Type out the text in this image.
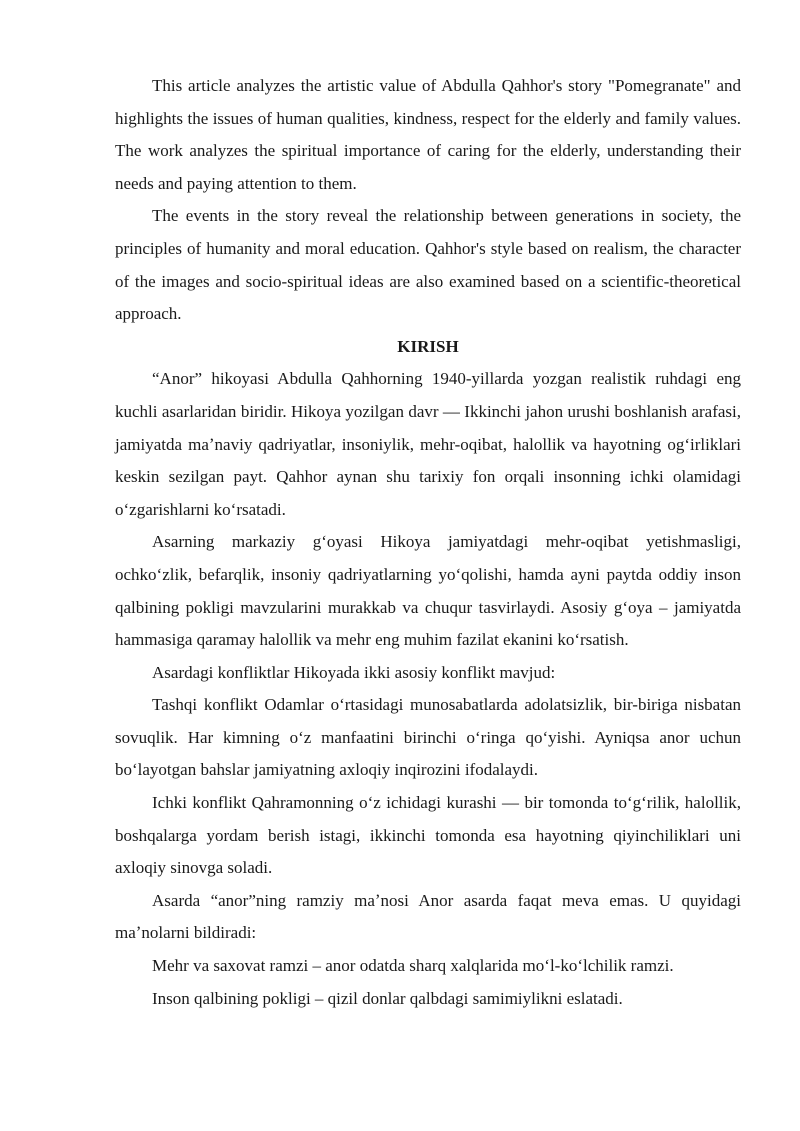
This article analyzes the artistic value of Abdulla Qahhor's story "Pomegranate" and highlights the issues of human qualities, kindness, respect for the elderly and family values. The work analyzes the spiritual importance of caring for the elderly, understanding their needs and paying attention to them.

The events in the story reveal the relationship between generations in society, the principles of humanity and moral education. Qahhor's style based on realism, the character of the images and socio-spiritual ideas are also examined based on a scientific-theoretical approach.

KIRISH

“Anor” hikoyasi Abdulla Qahhorning 1940-yillarda yozgan realistik ruhdagi eng kuchli asarlaridan biridir. Hikoya yozilgan davr — Ikkinchi jahon urushi boshlanish arafasi, jamiyatda maʼnaviy qadriyatlar, insoniylik, mehr-oqibat, halollik va hayotning ogʻirliklari keskin sezilgan payt. Qahhor aynan shu tarixiy fon orqali insonning ichki olamidagi oʻzgarishlarni koʻrsatadi.

Asarning markaziy gʻoyasi Hikoya jamiyatdagi mehr-oqibat yetishmasligi, ochkoʻzlik, befarqlik, insoniy qadriyatlarning yoʻqolishi, hamda ayni paytda oddiy inson qalbining pokligi mavzularini murakkab va chuqur tasvirlaydi. Asosiy gʻoya – jamiyatda hammasiga qaramay halollik va mehr eng muhim fazilat ekanini koʻrsatish.

Asardagi konfliktlar Hikoyada ikki asosiy konflikt mavjud:

Tashqi konflikt Odamlar oʻrtasidagi munosabatlarda adolatsizlik, bir-biriga nisbatan sovuqlik. Har kimning oʻz manfaatini birinchi oʻringa qoʻyishi. Ayniqsa anor uchun boʻlayotgan bahslar jamiyatning axloqiy inqirozini ifodalaydi.

Ichki konflikt Qahramonning oʻz ichidagi kurashi — bir tomonda toʻgʻrilik, halollik, boshqalarga yordam berish istagi, ikkinchi tomonda esa hayotning qiyinchiliklari uni axloqiy sinovga soladi.

Asarda “anor”ning ramziy maʼnosi Anor asarda faqat meva emas. U quyidagi maʼnolarni bildiradi:

Mehr va saxovat ramzi – anor odatda sharq xalqlarida moʻl-koʻlchilik ramzi.

Inson qalbining pokligi – qizil donlar qalbdagi samimiylikni eslatadi.
